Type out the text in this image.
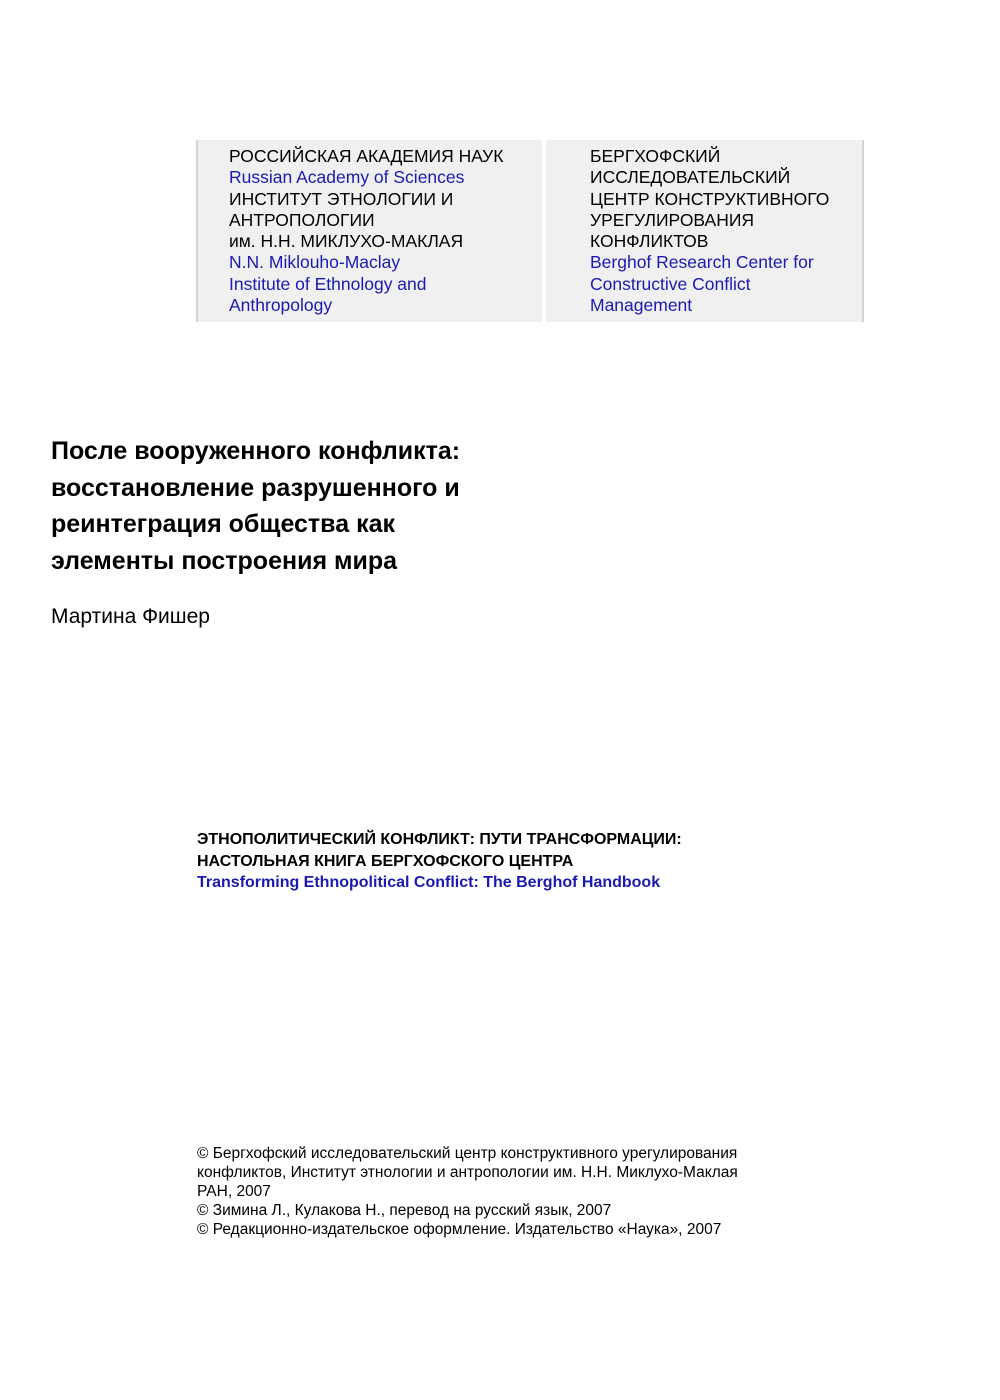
РОССИЙСКАЯ АКАДЕМИЯ НАУК
Russian Academy of Sciences
ИНСТИТУТ ЭТНОЛОГИИ И
АНТРОПОЛОГИИ
им. Н.Н. МИКЛУХО-МАКЛАЯ
N.N. Miklouho-Maclay
Institute of Ethnology and
Anthropology
БЕРГХОФСКИЙ
ИССЛЕДОВАТЕЛЬСКИЙ
ЦЕНТР КОНСТРУКТИВНОГО
УРЕГУЛИРОВАНИЯ
КОНФЛИКТОВ
Berghof Research Center for
Constructive Conflict
Management
После вооруженного конфликта:
восстановление разрушенного и
реинтеграция общества как
элементы построения мира
Мартина Фишер
ЭТНОПОЛИТИЧЕСКИЙ КОНФЛИКТ: ПУТИ ТРАНСФОРМАЦИИ:
НАСТОЛЬНАЯ КНИГА БЕРГХОФСКОГО ЦЕНТРА
Transforming Ethnopolitical Conflict: The Berghof Handbook
© Бергхофский исследовательский центр конструктивного урегулирования
конфликтов, Институт этнологии и антропологии им. Н.Н. Миклухо-Маклая
РАН, 2007
© Зимина Л., Кулакова Н., перевод на русский язык, 2007
© Редакционно-издательское оформление. Издательство «Наука», 2007
